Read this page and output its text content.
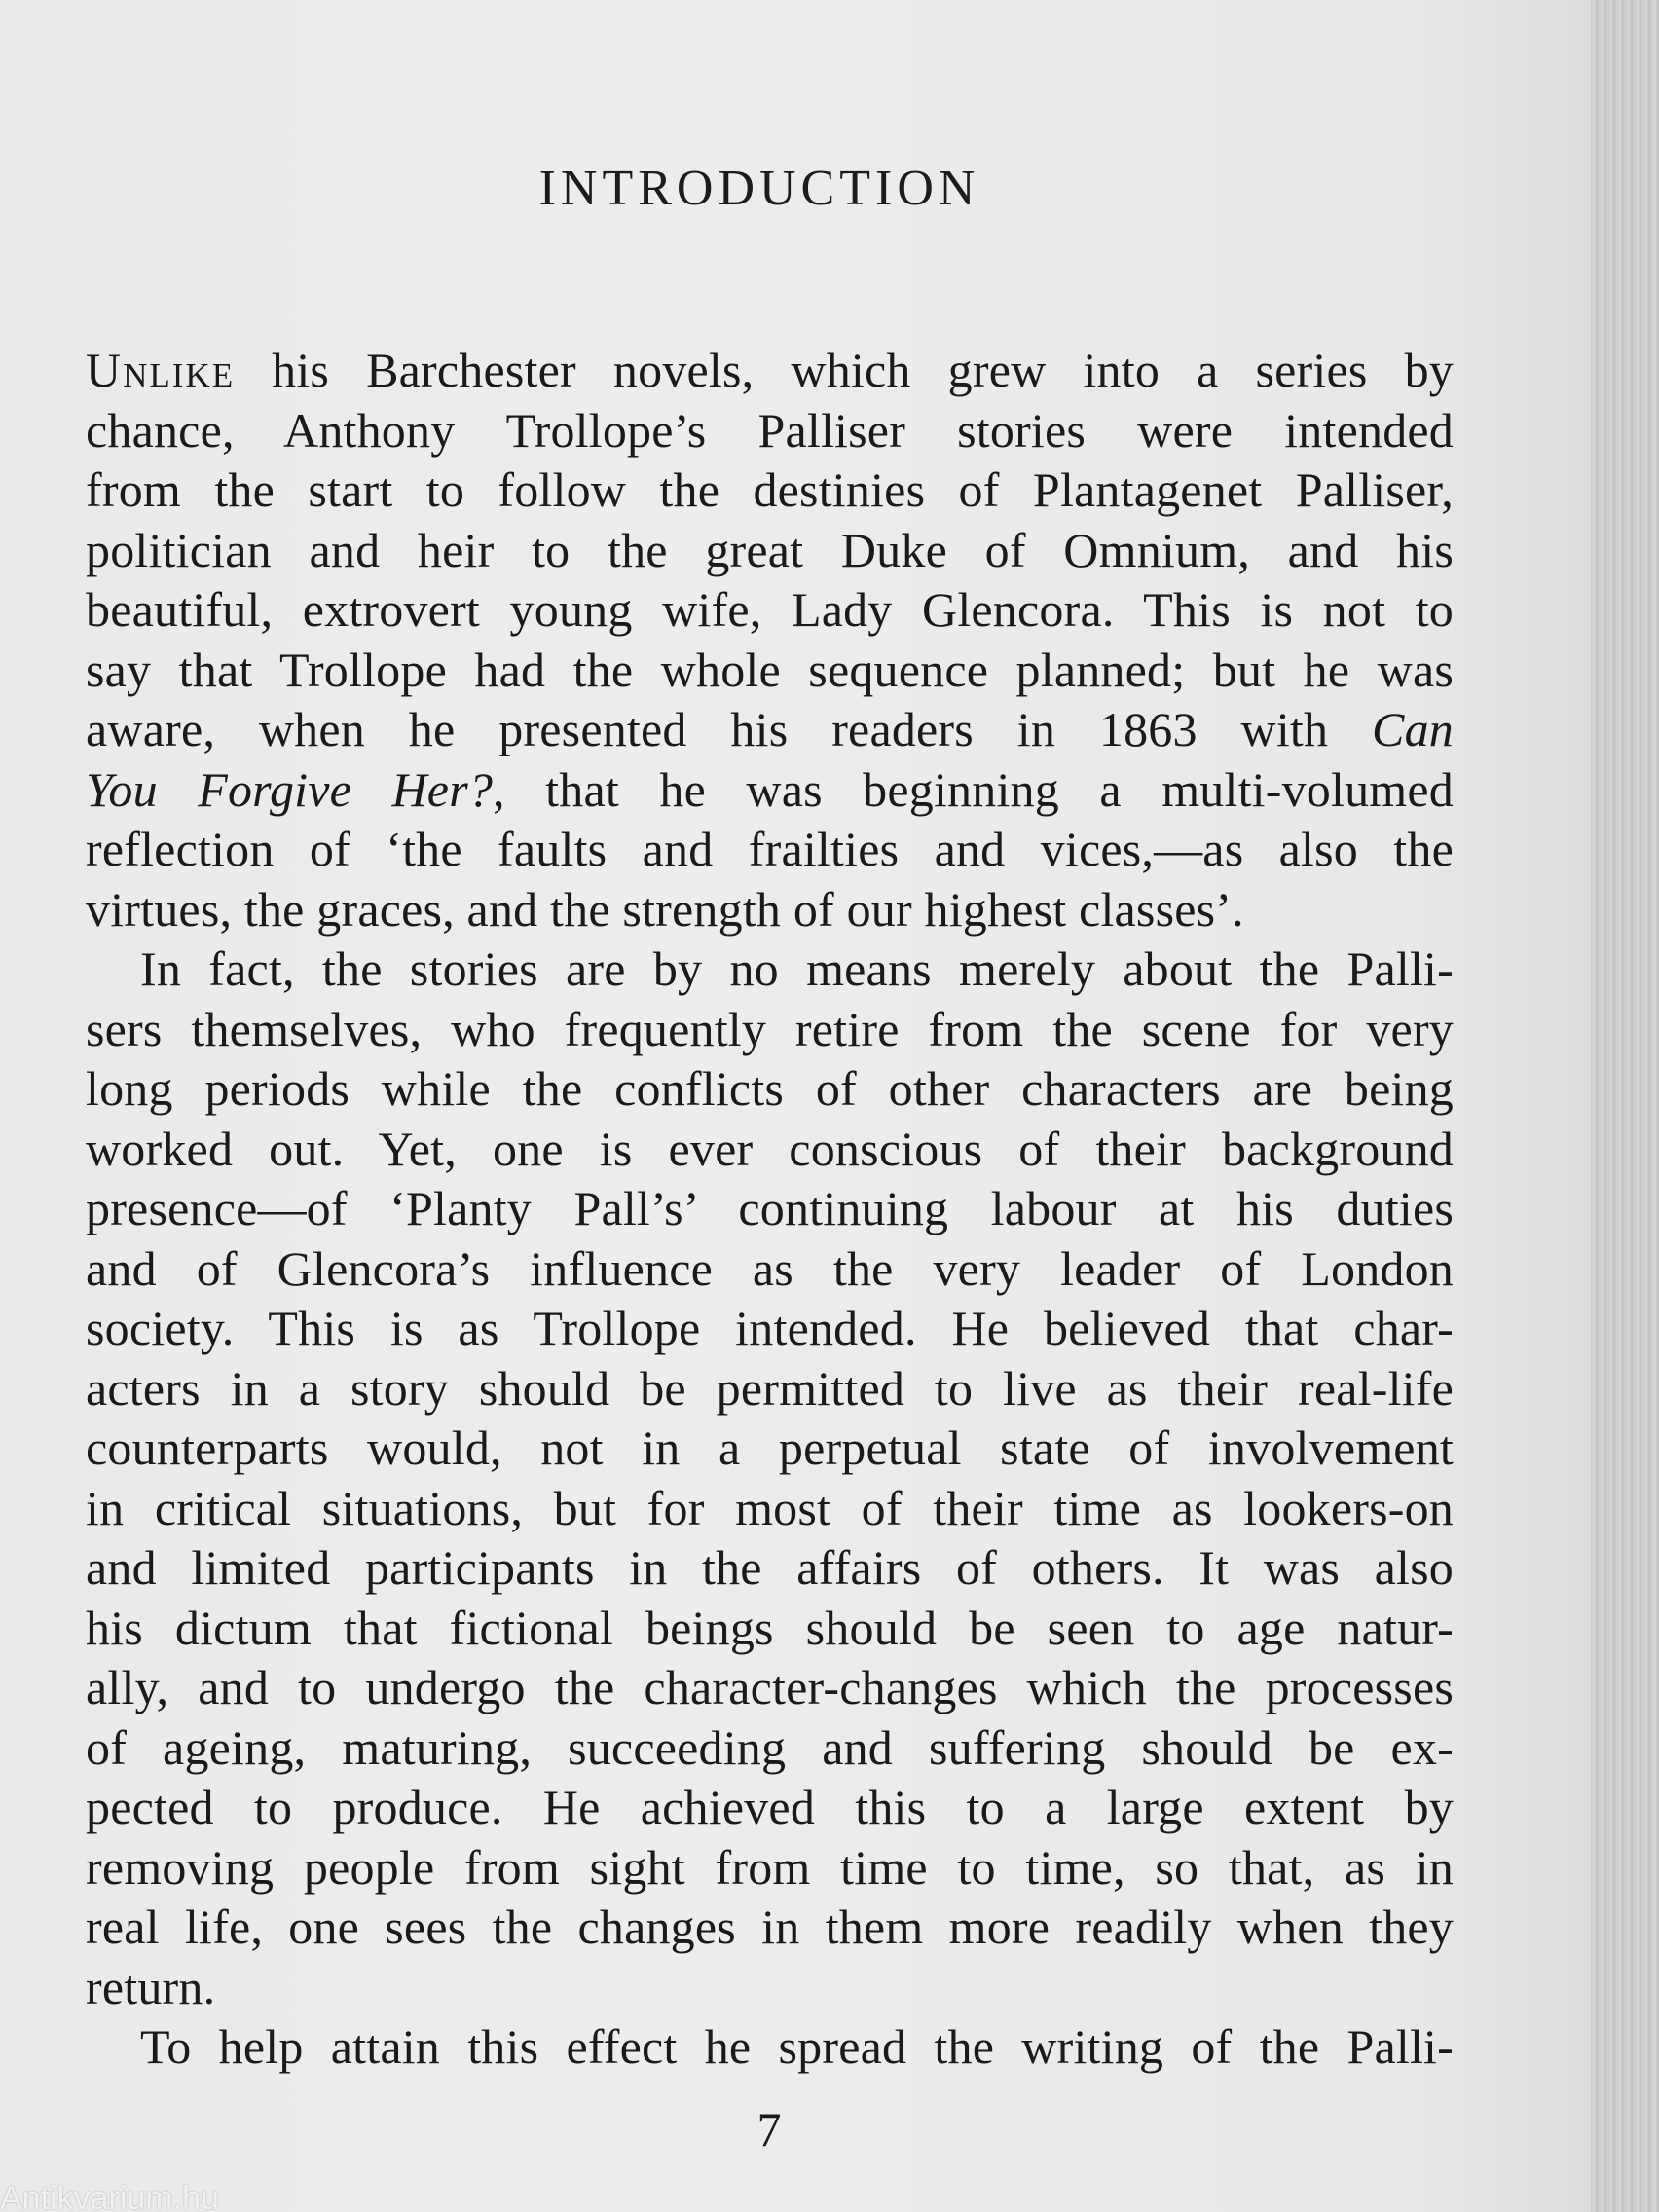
INTRODUCTION
Unlike his Barchester novels, which grew into a series by
chance, Anthony Trollope’s Palliser stories were intended
from the start to follow the destinies of Plantagenet Palliser,
politician and heir to the great Duke of Omnium, and his
beautiful, extrovert young wife, Lady Glencora. This is not to
say that Trollope had the whole sequence planned; but he was
aware, when he presented his readers in 1863 with Can
You Forgive Her?, that he was beginning a multi-volumed
reflection of ‘the faults and frailties and vices,—as also the
virtues, the graces, and the strength of our highest classes’.
In fact, the stories are by no means merely about the Palli-
sers themselves, who frequently retire from the scene for very
long periods while the conflicts of other characters are being
worked out. Yet, one is ever conscious of their background
presence—of ‘Planty Pall’s’ continuing labour at his duties
and of Glencora’s influence as the very leader of London
society. This is as Trollope intended. He believed that char-
acters in a story should be permitted to live as their real-life
counterparts would, not in a perpetual state of involvement
in critical situations, but for most of their time as lookers-on
and limited participants in the affairs of others. It was also
his dictum that fictional beings should be seen to age natur-
ally, and to undergo the character-changes which the processes
of ageing, maturing, succeeding and suffering should be ex-
pected to produce. He achieved this to a large extent by
removing people from sight from time to time, so that, as in
real life, one sees the changes in them more readily when they
return.
To help attain this effect he spread the writing of the Palli-
7
Antikvarium.hu
